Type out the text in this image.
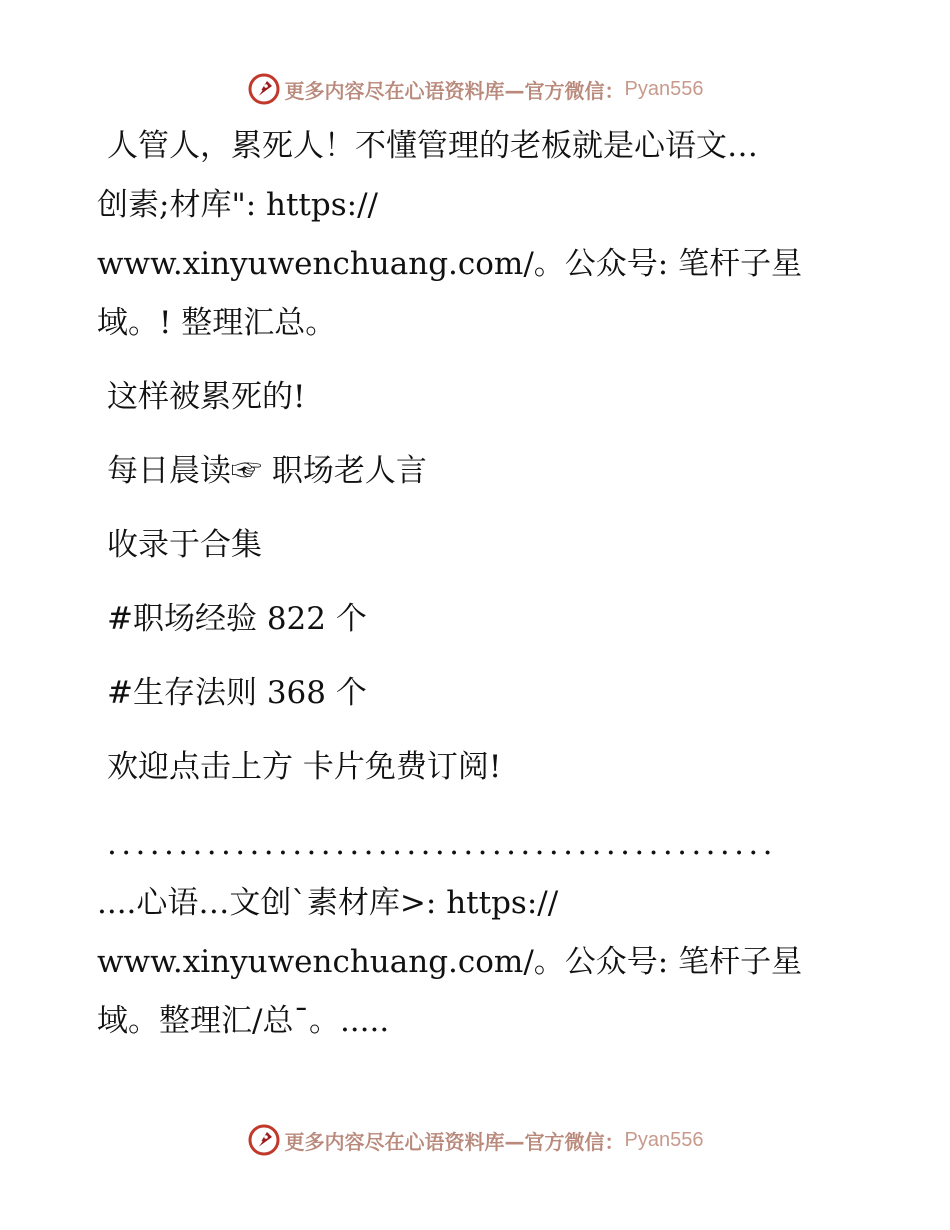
更多内容尽在心语资料库—官方微信： Pyan556
人管人，累死人！不懂管理的老板就是心语文…
创素;材库": https://
www.xinyuwenchuang.com/。公众号: 笔杆子星
域。! 整理汇总。
这样被累死的!
每日晨读☞ 职场老人言
收录于合集
#职场经验 822 个
#生存法则 368 个
欢迎点击上方 卡片免费订阅!
...............................................
....心语…文创`素材库>: https://
www.xinyuwenchuang.com/。公众号: 笔杆子星
域。整理汇/总¯。.....
更多内容尽在心语资料库—官方微信： Pyan556
